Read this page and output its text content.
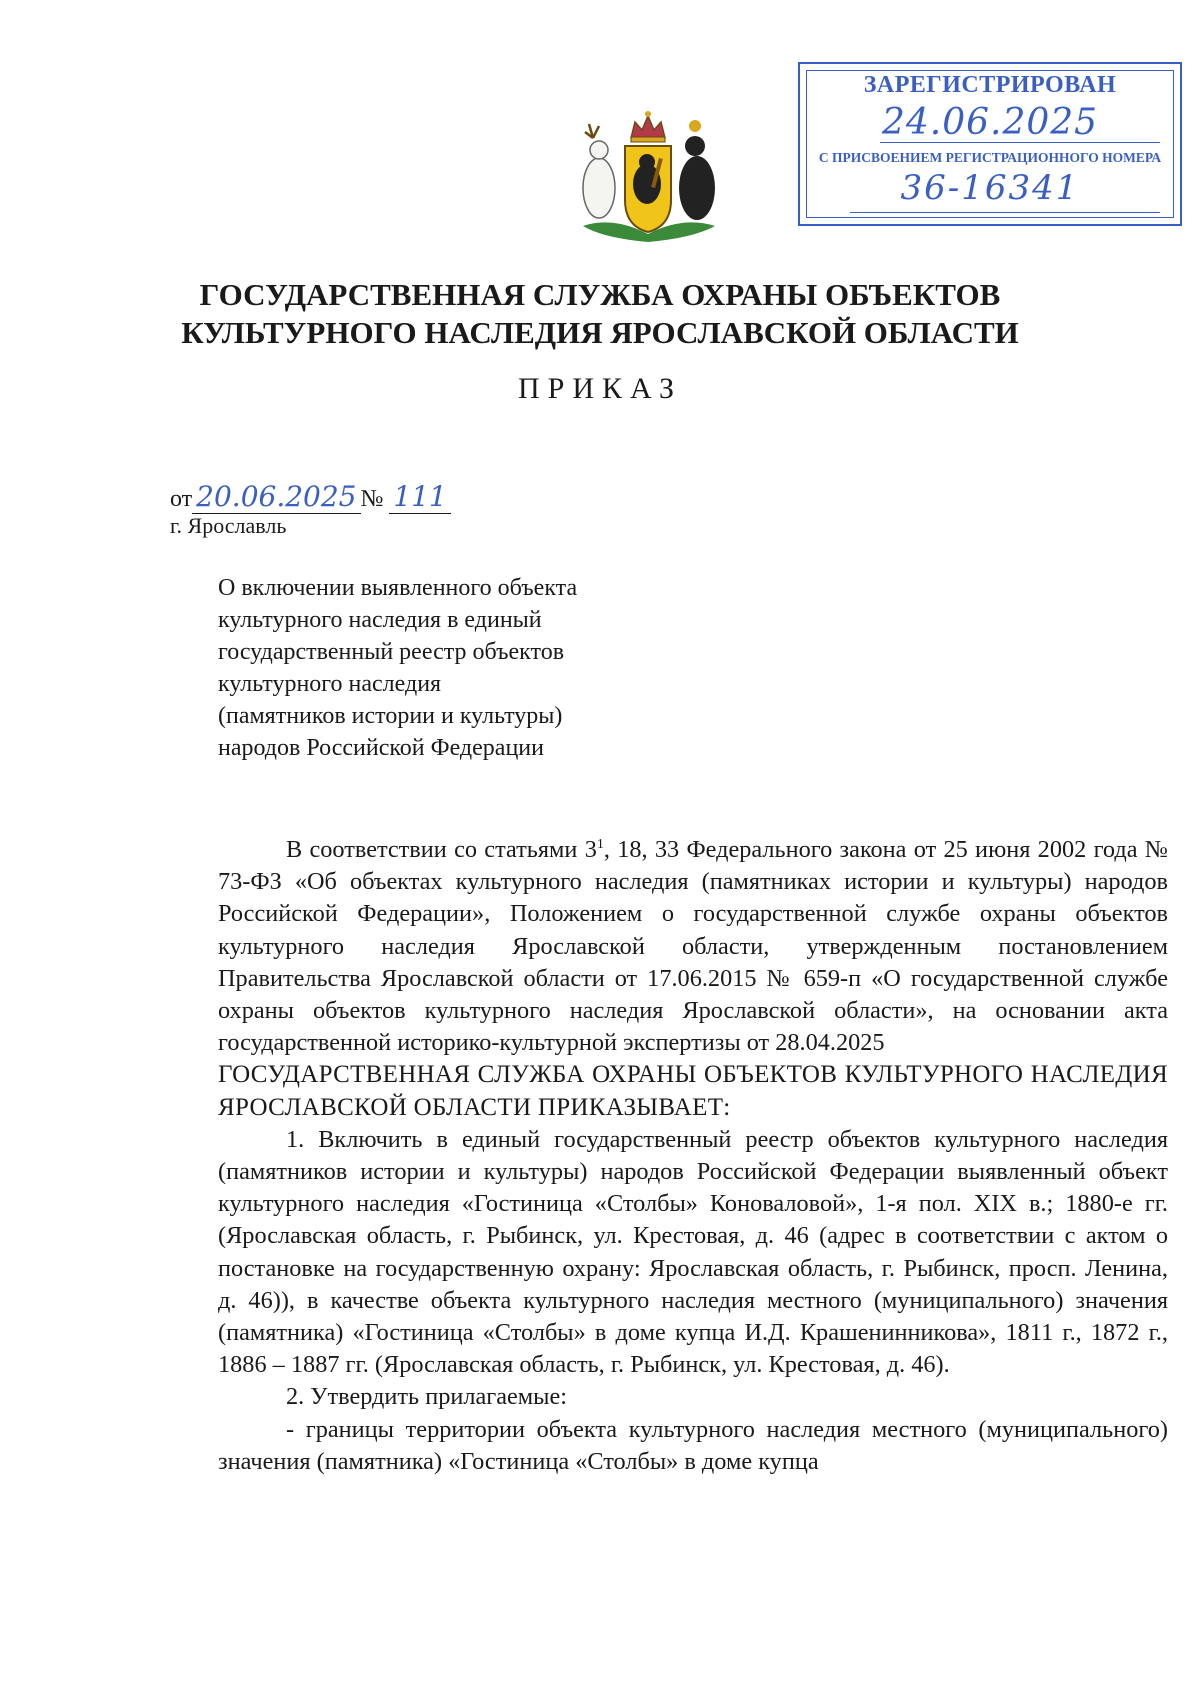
ЗАРЕГИСТРИРОВАН
24.06.2025
С ПРИСВОЕНИЕМ РЕГИСТРАЦИОННОГО НОМЕРА
36-16341
ГОСУДАРСТВЕННАЯ СЛУЖБА ОХРАНЫ ОБЪЕКТОВ
КУЛЬТУРНОГО НАСЛЕДИЯ ЯРОСЛАВСКОЙ ОБЛАСТИ
ПРИКАЗ
от 20.06.2025 № 111
г. Ярославль
О включении выявленного объекта
культурного наследия в единый
государственный реестр объектов
культурного наследия
(памятников истории и культуры)
народов Российской Федерации

В соответствии со статьями $3^1$, 18, 33 Федерального закона от 25 июня 2002 года № 73-ФЗ «Об объектах культурного наследия (памятниках истории и культуры) народов Российской Федерации», Положением о государственной службе охраны объектов культурного наследия Ярославской области, утвержденным постановлением Правительства Ярославской области от 17.06.2015 № 659-п «О государственной службе охраны объектов культурного наследия Ярославской области», на основании акта государственной историко-культурной экспертизы от 28.04.2025

ГОСУДАРСТВЕННАЯ СЛУЖБА ОХРАНЫ ОБЪЕКТОВ КУЛЬТУРНОГО НАСЛЕДИЯ ЯРОСЛАВСКОЙ ОБЛАСТИ ПРИКАЗЫВАЕТ:

1. Включить в единый государственный реестр объектов культурного наследия (памятников истории и культуры) народов Российской Федерации выявленный объект культурного наследия «Гостиница «Столбы» Коноваловой», 1-я пол. XIX в.; 1880-е гг. (Ярославская область, г. Рыбинск, ул. Крестовая, д. 46 (адрес в соответствии с актом о постановке на государственную охрану: Ярославская область, г. Рыбинск, просп. Ленина, д. 46)), в качестве объекта культурного наследия местного (муниципального) значения (памятника) «Гостиница «Столбы» в доме купца И.Д. Крашенинникова», 1811 г., 1872 г., 1886 – 1887 гг. (Ярославская область, г. Рыбинск, ул. Крестовая, д. 46).

2. Утвердить прилагаемые:

- границы территории объекта культурного наследия местного (муниципального) значения (памятника) «Гостиница «Столбы» в доме купца
